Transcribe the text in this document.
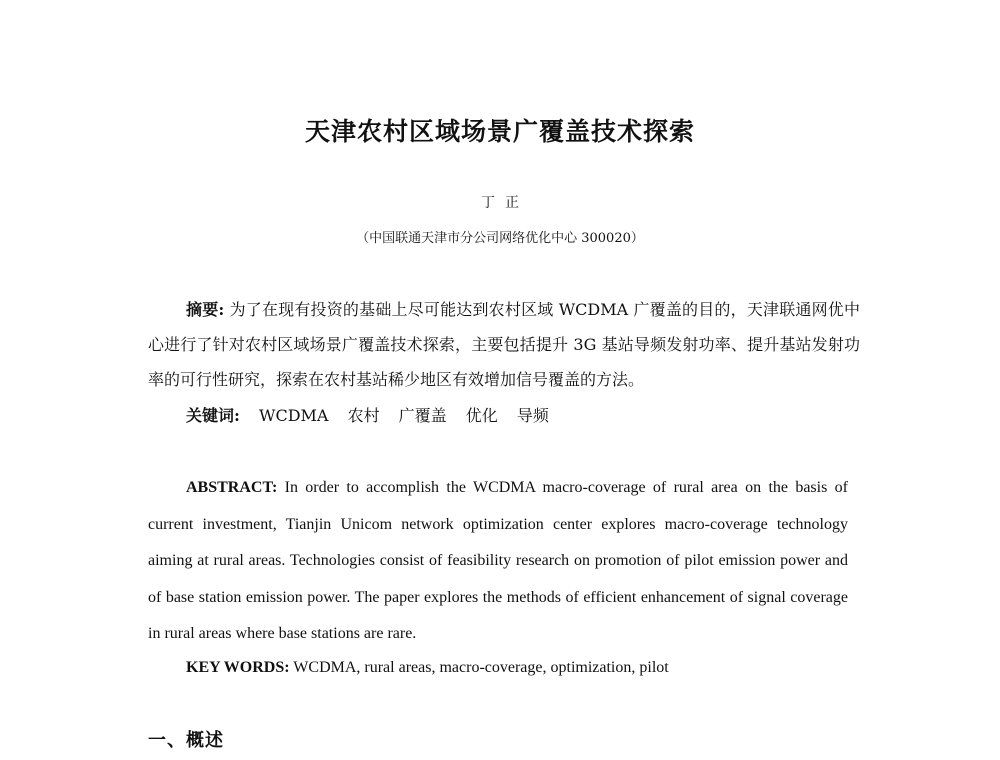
天津农村区域场景广覆盖技术探索
丁正
（中国联通天津市分公司网络优化中心 300020）
摘要: 为了在现有投资的基础上尽可能达到农村区域 WCDMA 广覆盖的目的，天津联通网优中心进行了针对农村区域场景广覆盖技术探索，主要包括提升 3G 基站导频发射功率、提升基站发射功率的可行性研究，探索在农村基站稀少地区有效增加信号覆盖的方法。
关键词: WCDMA 农村 广覆盖 优化 导频
ABSTRACT: In order to accomplish the WCDMA macro-coverage of rural area on the basis of current investment, Tianjin Unicom network optimization center explores macro-coverage technology aiming at rural areas. Technologies consist of feasibility research on promotion of pilot emission power and of base station emission power. The paper explores the methods of efficient enhancement of signal coverage in rural areas where base stations are rare.
KEY WORDS: WCDMA, rural areas, macro-coverage, optimization, pilot
一、概述
